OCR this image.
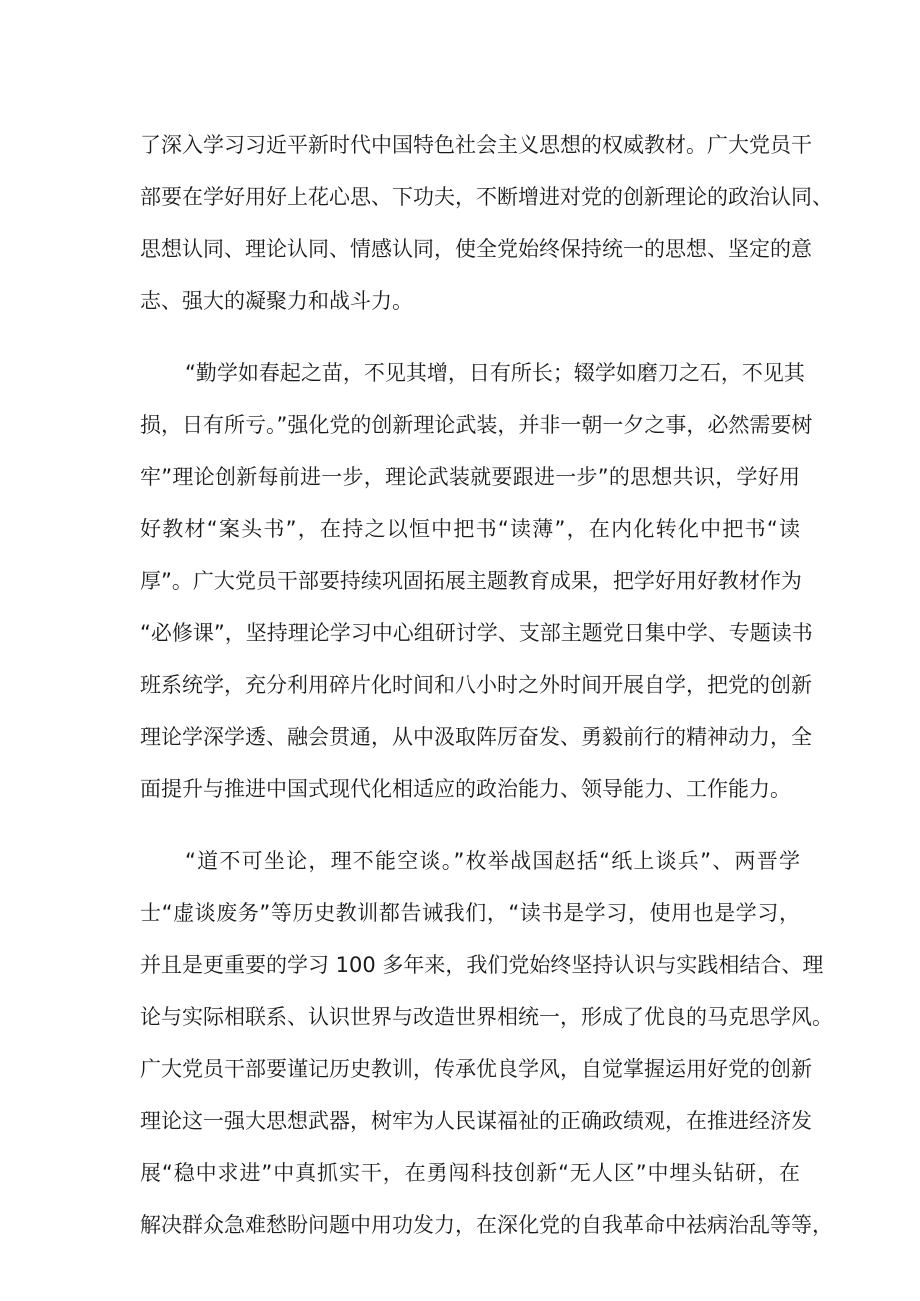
了深入学习习近平新时代中国特色社会主义思想的权威教材。广大党员干
部要在学好用好上花心思、下功夫，不断增进对党的创新理论的政治认同、
思想认同、理论认同、情感认同，使全党始终保持统一的思想、坚定的意
志、强大的凝聚力和战斗力。
“勤学如春起之苗，不见其增，日有所长；辍学如磨刀之石，不见其
损，日有所亏。”强化党的创新理论武装，并非一朝一夕之事，必然需要树
牢”理论创新每前进一步，理论武装就要跟进一步”的思想共识，学好用
好教材“案头书”，在持之以恒中把书“读薄”，在内化转化中把书“读
厚”。广大党员干部要持续巩固拓展主题教育成果，把学好用好教材作为
“必修课”，坚持理论学习中心组研讨学、支部主题党日集中学、专题读书
班系统学，充分利用碎片化时间和八小时之外时间开展自学，把党的创新
理论学深学透、融会贯通，从中汲取阵厉奋发、勇毅前行的精神动力，全
面提升与推进中国式现代化相适应的政治能力、领导能力、工作能力。
“道不可坐论，理不能空谈。”枚举战国赵括“纸上谈兵”、两晋学
士“虚谈废务”等历史教训都告诫我们，“读书是学习，使用也是学习，
并且是更重要的学习 100 多年来，我们党始终坚持认识与实践相结合、理
论与实际相联系、认识世界与改造世界相统一，形成了优良的马克思学风。
广大党员干部要谨记历史教训，传承优良学风，自觉掌握运用好党的创新
理论这一强大思想武器，树牢为人民谋福祉的正确政绩观，在推进经济发
展“稳中求进”中真抓实干，在勇闯科技创新“无人区”中埋头钻研，在
解决群众急难愁盼问题中用功发力，在深化党的自我革命中祛病治乱等等，
